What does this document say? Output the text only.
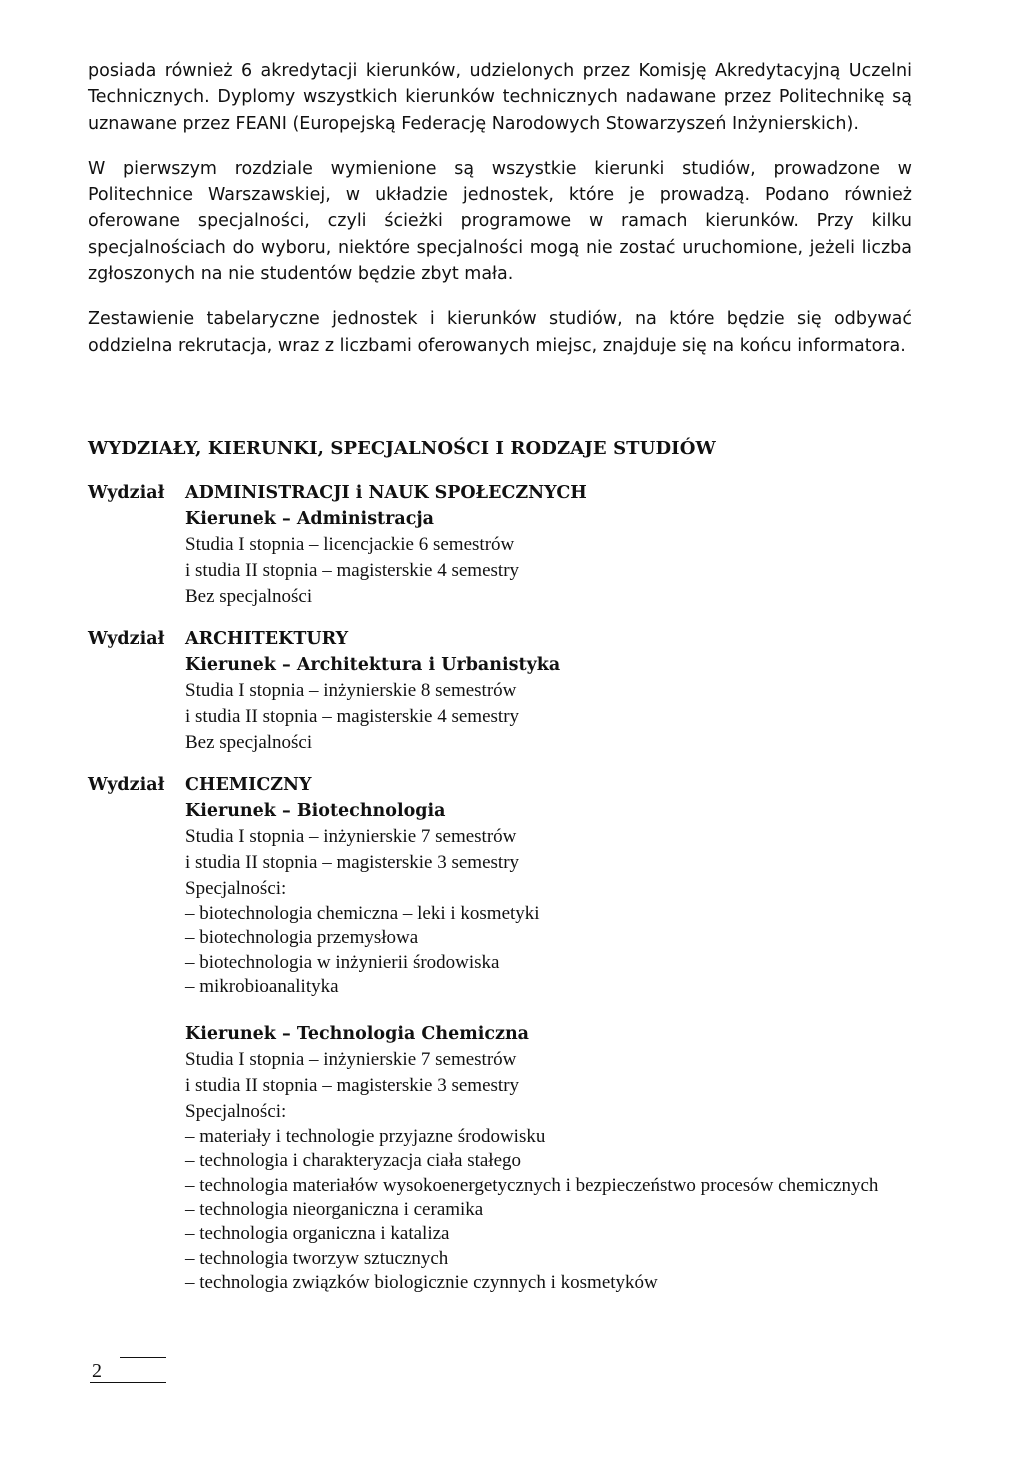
posiada również 6 akredytacji kierunków, udzielonych przez Komisję Akredytacyjną Uczelni Technicznych. Dyplomy wszystkich kierunków technicznych nadawane przez Politechnikę są uznawane przez FEANI (Europejską Federację Narodowych Stowarzyszeń Inżynierskich).

W pierwszym rozdziale wymienione są wszystkie kierunki studiów, prowadzone w Politechnice Warszawskiej, w układzie jednostek, które je prowadzą. Podano również oferowane specjalności, czyli ścieżki programowe w ramach kierunków. Przy kilku specjalnościach do wyboru, niektóre specjalności mogą nie zostać uruchomione, jeżeli liczba zgłoszonych na nie studentów będzie zbyt mała.

Zestawienie tabelaryczne jednostek i kierunków studiów, na które będzie się odbywać oddzielna rekrutacja, wraz z liczbami oferowanych miejsc, znajduje się na końcu informatora.

WYDZIAŁY, KIERUNKI, SPECJALNOŚCI I RODZAJE STUDIÓW
Wydział ADMINISTRACJI i NAUK SPOŁECZNYCH
Kierunek – Administracja
Studia I stopnia – licencjackie 6 semestrów
i studia II stopnia – magisterskie 4 semestry
Bez specjalności
Wydział ARCHITEKTURY
Kierunek – Architektura i Urbanistyka
Studia I stopnia – inżynierskie 8 semestrów
i studia II stopnia – magisterskie 4 semestry
Bez specjalności
Wydział CHEMICZNY
Kierunek – Biotechnologia
Studia I stopnia – inżynierskie 7 semestrów
i studia II stopnia – magisterskie 3 semestry
Specjalności:
– biotechnologia chemiczna – leki i kosmetyki
– biotechnologia przemysłowa
– biotechnologia w inżynierii środowiska
– mikrobioanalityka
Kierunek – Technologia Chemiczna
Studia I stopnia – inżynierskie 7 semestrów
i studia II stopnia – magisterskie 3 semestry
Specjalności:
– materiały i technologie przyjazne środowisku
– technologia i charakteryzacja ciała stałego
– technologia materiałów wysokoenergetycznych i bezpieczeństwo procesów chemicznych
– technologia nieorganiczna i ceramika
– technologia organiczna i kataliza
– technologia tworzyw sztucznych
– technologia związków biologicznie czynnych i kosmetyków
2
